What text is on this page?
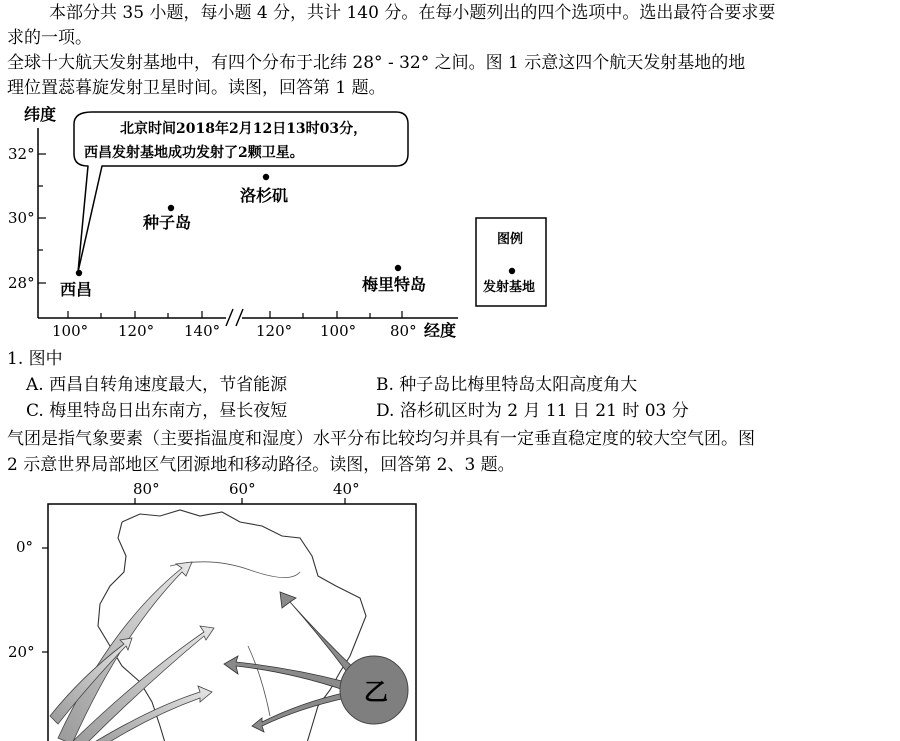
本部分共 35 小题，每小题 4 分，共计 140 分。在每小题列出的四个选项中。选出最符合要求要
求的一项。
全球十大航天发射基地中，有四个分布于北纬 28° - 32° 之间。图 1 示意这四个航天发射基地的地
理位置蕊暮旋发射卫星时间。读图，回答第 1 题。
纬度
32°
30°
28°
100° 120° 140° 120° 100° 80° 经度
北京时间2018年2月12日13时03分，
西昌发射基地成功发射了2颗卫星。
西昌
种子岛
洛杉矶
梅里特岛
图例
发射基地
1. 图中
A. 西昌自转角速度最大，节省能源	B. 种子岛比梅里特岛太阳高度角大
C. 梅里特岛日出东南方，昼长夜短	D. 洛杉矶区时为 2 月 11 日 21 时 03 分
气团是指气象要素（主要指温度和湿度）水平分布比较均匀并具有一定垂直稳定度的较大空气团。图
2 示意世界局部地区气团源地和移动路径。读图，回答第 2、3 题。
80°	60°	40°
0°
20°
乙
